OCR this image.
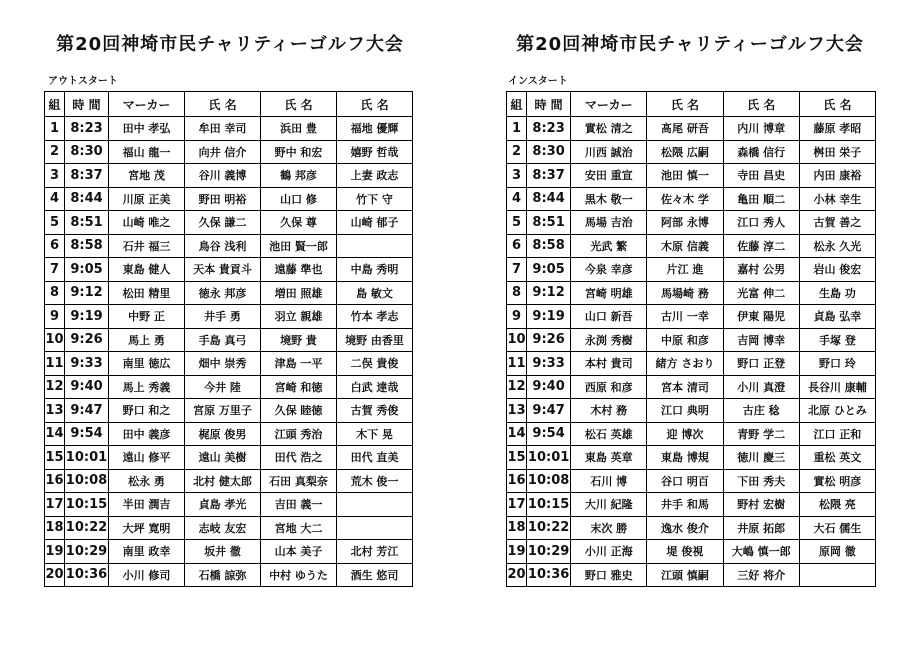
第20回神埼市民チャリティーゴルフ大会
アウトスタート
組	時 間	マーカー	氏 名	氏 名	氏 名
1	8:23	田中 孝弘	牟田 幸司	浜田 豊	福地 優輝
2	8:30	福山 龍一	向井 信介	野中 和宏	嬉野 哲哉
3	8:37	宮地 茂	谷川 義博	鶴 邦彦	上妻 政志
4	8:44	川原 正美	野田 明裕	山口 修	竹下 守
5	8:51	山崎 唯之	久保 謙二	久保 尊	山崎 郁子
6	8:58	石井 福三	鳥谷 浅利	池田 賢一郎	
7	9:05	東島 健人	天本 貴貢斗	遠藤 準也	中島 秀明
8	9:12	松田 精里	徳永 邦彦	増田 照雄	島 敏文
9	9:19	中野 正	井手 勇	羽立 親雄	竹本 孝志
10	9:26	馬上 勇	手島 真弓	境野 貴	境野 由香里
11	9:33	南里 徳広	畑中 崇秀	津島 一平	二俣 貴俊
12	9:40	馬上 秀義	今井 陸	宮崎 和徳	白武 達哉
13	9:47	野口 和之	宮原 万里子	久保 睦徳	古賀 秀俊
14	9:54	田中 義彦	梶原 俊男	江頭 秀治	木下 晃
15	10:01	遠山 修平	遠山 美樹	田代 浩之	田代 直美
16	10:08	松永 勇	北村 健太郎	石田 真梨奈	荒木 俊一
17	10:15	半田 潤吉	貞島 孝光	吉田 義一	
18	10:22	大坪 寛明	志岐 友宏	宮地 大二	
19	10:29	南里 政幸	坂井 徹	山本 美子	北村 芳江
20	10:36	小川 修司	石橋 諒弥	中村 ゆうた	酒生 悠司
第20回神埼市民チャリティーゴルフ大会
インスタート
組	時 間	マーカー	氏 名	氏 名	氏 名
1	8:23	實松 清之	髙尾 研吾	内川 博章	藤原 孝昭
2	8:30	川西 誠治	松隈 広嗣	森橋 信行	桝田 栄子
3	8:37	安田 重宣	池田 慎一	寺田 昌史	内田 康裕
4	8:44	黒木 敬一	佐々木 学	亀田 順二	小林 幸生
5	8:51	馬場 吉治	阿部 永博	江口 秀人	古賀 善之
6	8:58	光武 繁	木原 信義	佐藤 淳二	松永 久光
7	9:05	今泉 幸彦	片江 進	嘉村 公男	岩山 俊宏
8	9:12	宮崎 明雄	馬場崎 務	光富 伸二	生島 功
9	9:19	山口 新吾	古川 一幸	伊東 陽児	貞島 弘幸
10	9:26	永渕 秀樹	中原 和彦	吉岡 博幸	手塚 登
11	9:33	本村 貴司	緒方 さおり	野口 正登	野口 玲
12	9:40	西原 和彦	宮本 清司	小川 真澄	長谷川 康輔
13	9:47	木村 務	江口 典明	古庄 稔	北原 ひとみ
14	9:54	松石 英雄	迎 博次	青野 学二	江口 正和
15	10:01	東島 英章	東島 博規	徳川 慶三	重松 英文
16	10:08	石川 博	谷口 明百	下田 秀夫	實松 明彦
17	10:15	大川 紀隆	井手 和馬	野村 宏樹	松隈 亮
18	10:22	末次 勝	逸水 俊介	井原 拓郎	大石 儒生
19	10:29	小川 正海	堤 俊視	大嶋 慎一郎	原岡 徹
20	10:36	野口 雅史	江頭 慎嗣	三好 将介	
